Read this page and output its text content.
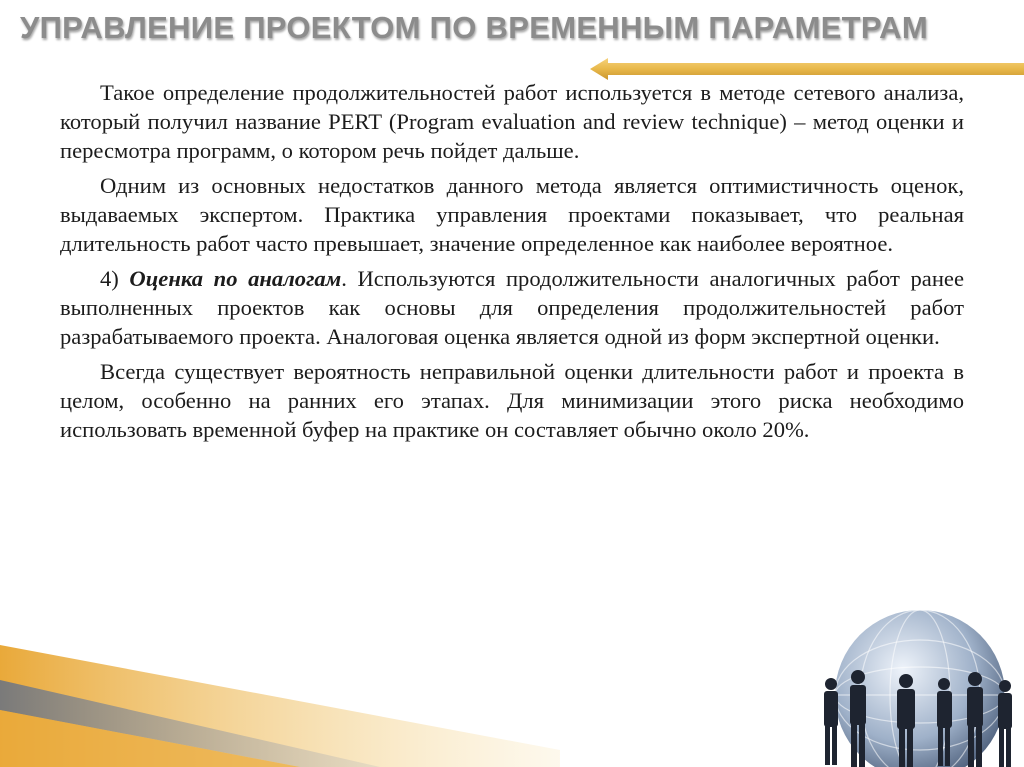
УПРАВЛЕНИЕ ПРОЕКТОМ ПО ВРЕМЕННЫМ ПАРАМЕТРАМ

Такое определение продолжительностей работ используется в методе сетевого анализа, который получил название PERT (Program evaluation and review technique) – метод оценки и пересмотра программ, о котором речь пойдет дальше.

Одним из основных недостатков данного метода является оптимистичность оценок, выдаваемых экспертом. Практика управления проектами показывает, что реальная длительность работ часто превышает, значение определенное как наиболее вероятное.

4) Оценка по аналогам. Используются продолжительности аналогичных работ ранее выполненных проектов как основы для определения продолжительностей работ разрабатываемого проекта. Аналоговая оценка является одной из форм экспертной оценки.

Всегда существует вероятность неправильной оценки длительности работ и проекта в целом, особенно на ранних его этапах. Для минимизации этого риска необходимо использовать временной буфер на практике он составляет обычно около 20%.
